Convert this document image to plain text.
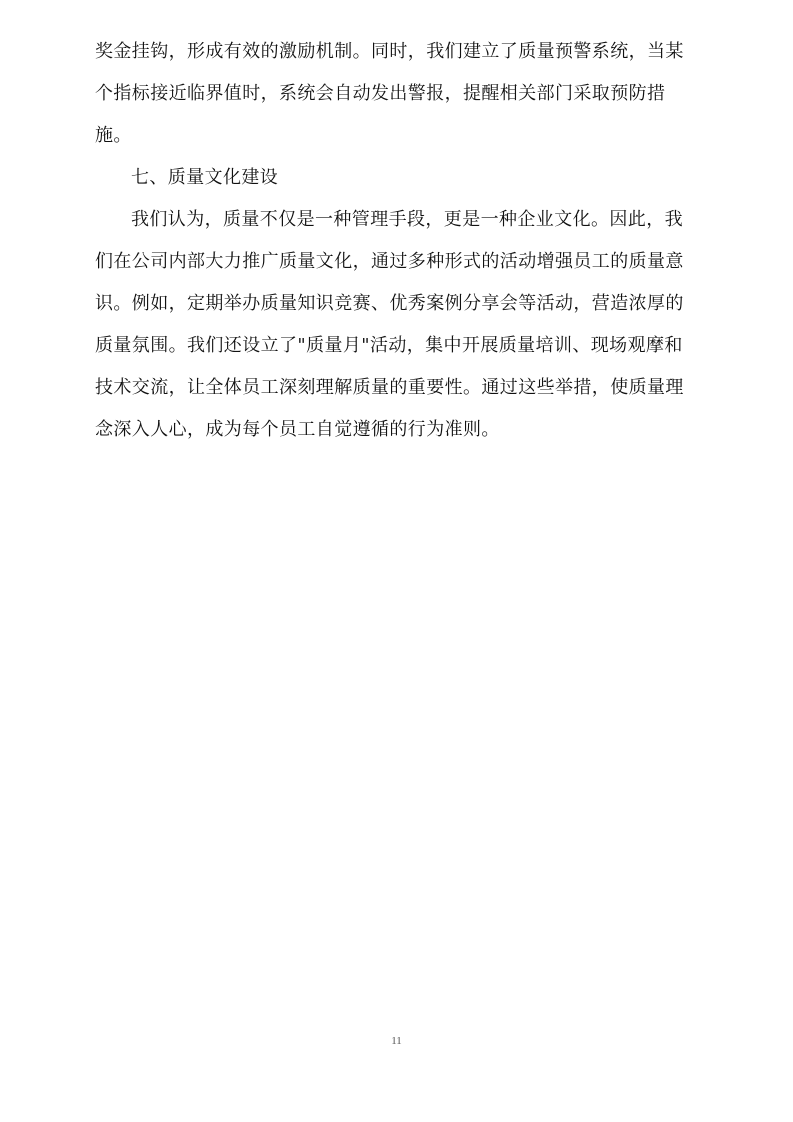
奖金挂钩，形成有效的激励机制。同时，我们建立了质量预警系统，当某
个指标接近临界值时，系统会自动发出警报，提醒相关部门采取预防措
施。
七、质量文化建设
我们认为，质量不仅是一种管理手段，更是一种企业文化。因此，我
们在公司内部大力推广质量文化，通过多种形式的活动增强员工的质量意
识。例如，定期举办质量知识竞赛、优秀案例分享会等活动，营造浓厚的
质量氛围。我们还设立了"质量月"活动，集中开展质量培训、现场观摩和
技术交流，让全体员工深刻理解质量的重要性。通过这些举措，使质量理
念深入人心，成为每个员工自觉遵循的行为准则。
11
